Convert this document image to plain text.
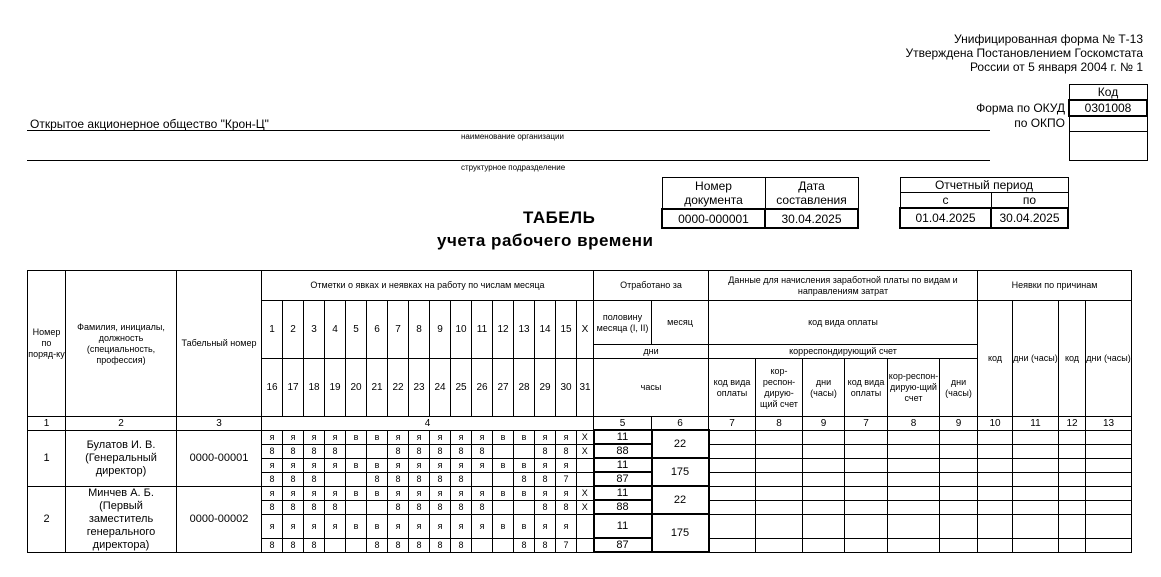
Унифицированная форма № Т-13
Утверждена Постановлением Госкомстата
России от 5 января 2004 г. № 1
Код
0301008

Форма по ОКУД
по ОКПО
Открытое акционерное общество "Крон-Ц"
наименование организации
структурное подразделение
Номер документа	Дата составления
0000-000001	30.04.2025
Отчетный период	
с	по
01.04.2025	30.04.2025
ТАБЕЛЬ
учета рабочего времени
Номер по поряд-ку	Фамилия, инициалы, должность (специальность, профессия)	Табельный номер	Отметки о явках и неявках на работу по числам месяца																Отработано за		Данные для начисления заработной платы по видам и направлениям затрат						Неявки по причинам			
			1	2	3	4	5	6	7	8	9	10	11	12	13	14	15	X	половину месяца (I, II)	месяц	код вида оплаты						код	дни (часы)	код	дни (часы)
																			дни		корреспондирующий счет									
			16	17	18	19	20	21	22	23	24	25	26	27	28	29	30	31	часы		код вида оплаты	кор-респон-дирую-щий счет	дни (часы)	код вида оплаты	кор-респон-дирую-щий счет	дни (часы)				
1	2	3	4																5	6	7	8	9	7	8	9	10	11	12	13
1	Булатов И. В. (Генеральный директор)	0000-00001	я	я	я	я	в	в	я	я	я	я	я	в	в	я	я	X	11	22										
			8	8	8	8			8	8	8	8	8			8	8	X	88											
			я	я	я	я	в	в	я	я	я	я	я	в	в	я	я		11	175										
			8	8	8			8	8	8	8	8			8	8	7		87											
2	Минчев А. Б. (Первый заместитель генерального директора)	0000-00002	я	я	я	я	в	в	я	я	я	я	я	в	в	я	я	X	11	22										
			8	8	8	8			8	8	8	8	8			8	8	X	88											
			я	я	я	я	в	в	я	я	я	я	я	в	в	я	я		11	175										
			8	8	8			8	8	8	8	8			8	8	7		87											
